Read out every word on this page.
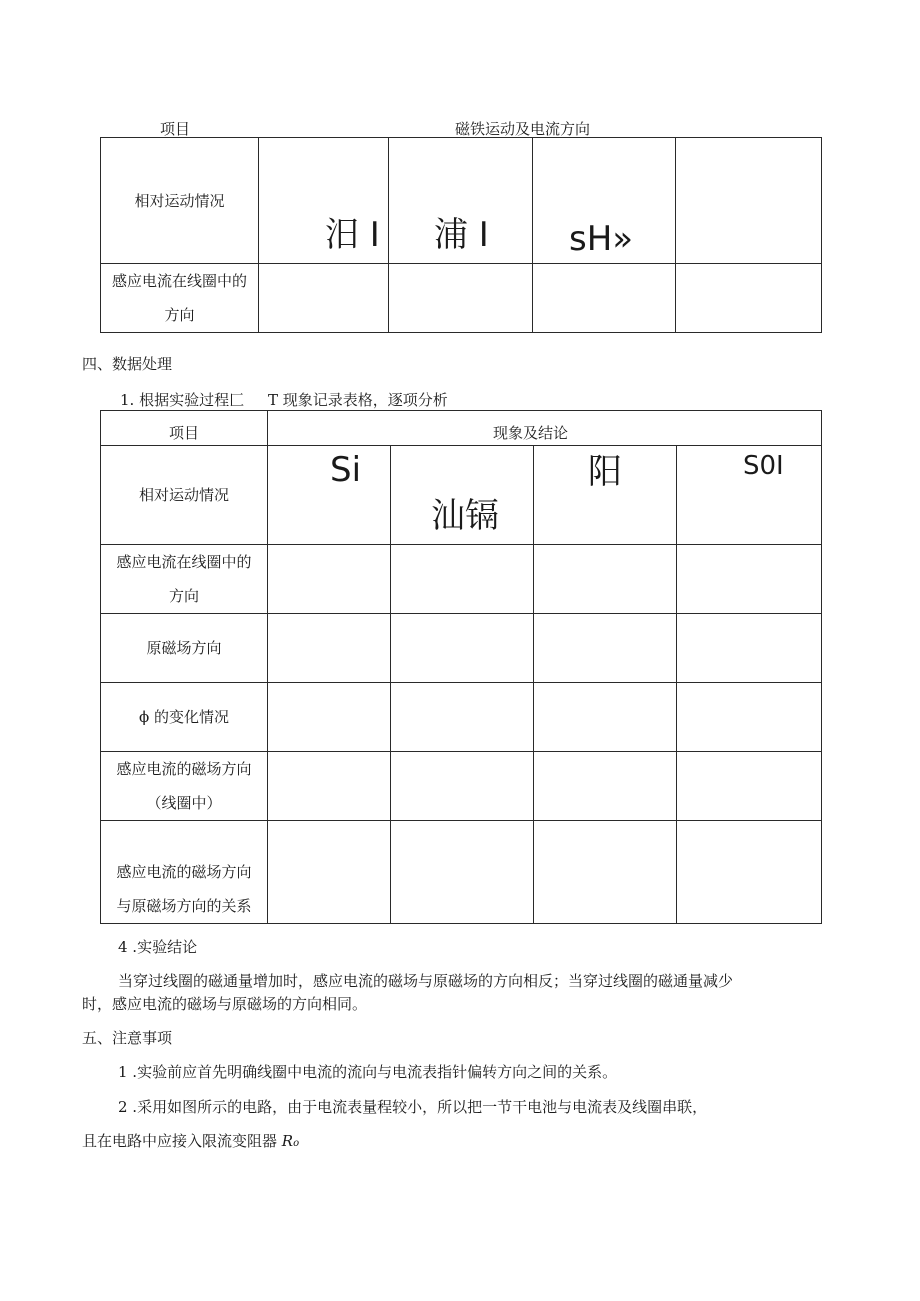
项目	磁铁运动及电流方向
相对运动情况	汨 I	浦 I	sH»	

感应电流在线圈中的
方向				

四、数据处理
1. 根据实验过程匚 T 现象记录表格，逐项分析
项目	现象及结论			
相对运动情况	Si	汕镉	阳	S0I

感应电流在线圈中的
方向				

原磁场方向				

ϕ 的变化情况				

感应电流的磁场方向
（线圈中）				

感应电流的磁场方向
与原磁场方向的关系				

4 .实验结论
当穿过线圈的磁通量增加时，感应电流的磁场与原磁场的方向相反；当穿过线圈的磁通量减少
时，感应电流的磁场与原磁场的方向相同。
五、注意事项
1 .实验前应首先明确线圈中电流的流向与电流表指针偏转方向之间的关系。
2 .采用如图所示的电路，由于电流表量程较小，所以把一节干电池与电流表及线圈串联，
且在电路中应接入限流变阻器 Ro
